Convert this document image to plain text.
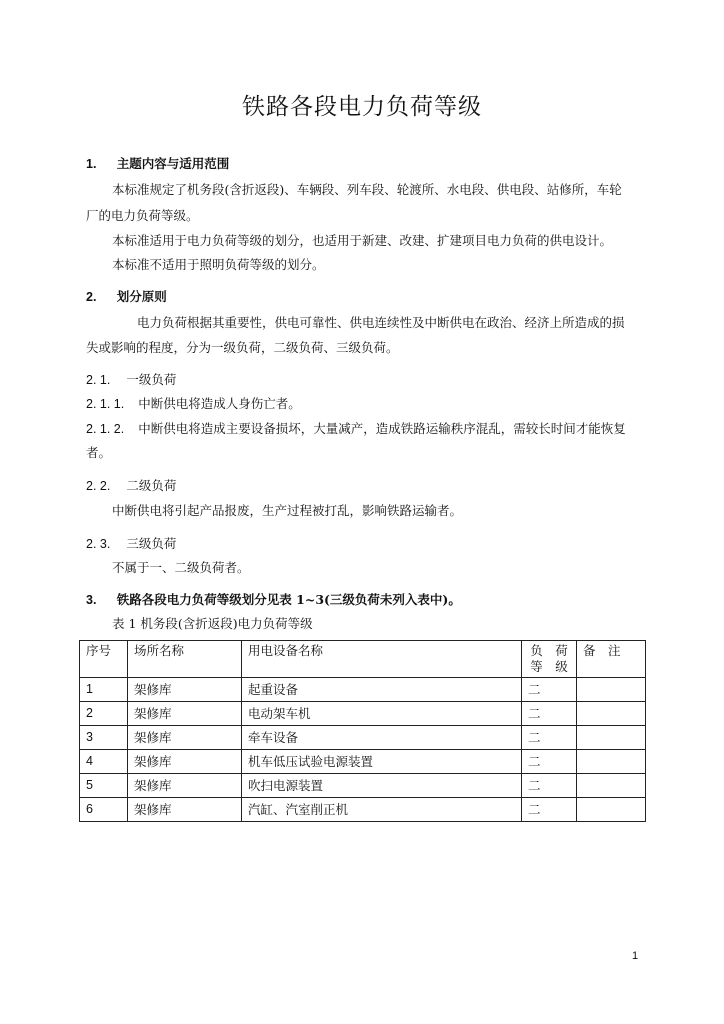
铁路各段电力负荷等级
1. 主题内容与适用范围
本标准规定了机务段(含折返段)、车辆段、列车段、轮渡所、水电段、供电段、站修所，车轮
厂的电力负荷等级。
本标准适用于电力负荷等级的划分，也适用于新建、改建、扩建项目电力负荷的供电设计。
本标准不适用于照明负荷等级的划分。
2. 划分原则
电力负荷根据其重要性，供电可靠性、供电连续性及中断供电在政治、经济上所造成的损
失或影响的程度，分为一级负荷，二级负荷、三级负荷。
2. 1. 一级负荷
2. 1. 1. 中断供电将造成人身伤亡者。
2. 1. 2. 中断供电将造成主要设备损坏，大量减产，造成铁路运输秩序混乱，需较长时间才能恢复
者。
2. 2. 二级负荷
中断供电将引起产品报废，生产过程被打乱，影响铁路运输者。
2. 3. 三级负荷
不属于一、二级负荷者。
3. 铁路各段电力负荷等级划分见表 1~3(三级负荷未列入表中)。
表 1 机务段(含折返段)电力负荷等级
序号	场所名称	用电设备名称	负　荷
等　级	备　注
1	架修库	起重设备	二	
2	架修库	电动架车机	二	
3	架修库	牵车设备	二	
4	架修库	机车低压试验电源装置	二	
5	架修库	吹扫电源装置	二	
6	架修库	汽缸、汽室削正机	二	
1
